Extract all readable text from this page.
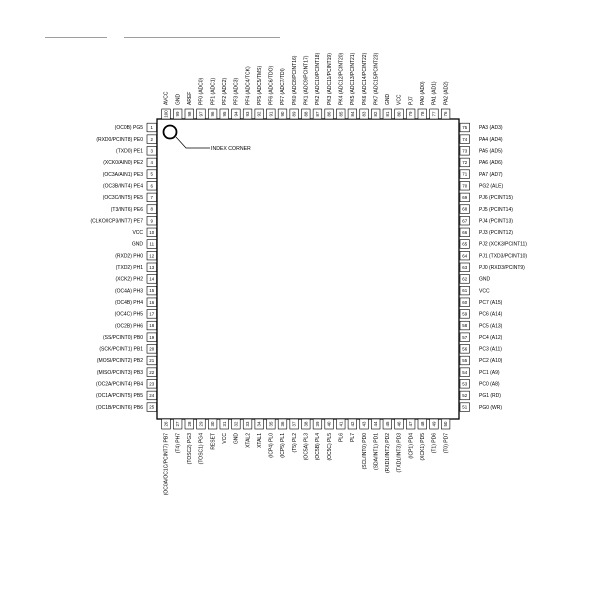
INDEX CORNER
1
(OC0B) PG5
2
(RXD0/PCINT8) PE0
3
(TXD0) PE1
4
(XCK0/AIN0) PE2
5
(OC3A/AIN1) PE3
6
(OC3B/INT4) PE4
7
(OC3C/INT5) PE5
8
(T3/INT6) PE6
9
(CLKO/ICP3/INT7) PE7
10
VCC
11
GND
12
(RXD2) PH0
13
(TXD2) PH1
14
(XCK2) PH2
15
(OC4A) PH3
16
(OC4B) PH4
17
(OC4C) PH5
18
(OC2B) PH6
19
(SS/PCINT0) PB0
20
(SCK/PCINT1) PB1
21
(MOSI/PCINT2) PB2
22
(MISO/PCINT3) PB3
23
(OC2A/PCINT4) PB4
24
(OC1A/PCINT5) PB5
25
(OC1B/PCINT6) PB6
75 PA3 (AD3)
74 PA4 (AD4)
73 PA5 (AD5)
72 PA6 (AD6)
71 PA7 (AD7)
70 PG2 (ALE)
69 PJ6 (PCINT15)
68 PJ5 (PCINT14)
67 PJ4 (PCINT13)
66 PJ3 (PCINT12)
65 PJ2 (XCK3/PCINT11)
64 PJ1 (TXD3/PCINT10)
63 PJ0 (RXD3/PCINT9)
62 GND
61 VCC
60 PC7 (A15)
59 PC6 (A14)
58 PC5 (A13)
57 PC4 (A12)
56 PC3 (A11)
55 PC2 (A10)
54 PC1 (A9)
53 PC0 (A8)
52 PG1 (RD)
51 PG0 (WR)
100
AVCC
99
GND
98
AREF
97
PF0 (ADC0)
96
PF1 (ADC1)
95
PF2 (ADC2)
94
PF3 (ADC3)
93
PF4 (ADC4/TCK)
92
PF5 (ADC5/TMS)
91
PF6 (ADC6/TDO)
90
PF7 (ADC7/TDI)
89
PK0 (ADC8/PCINT16)
88
PK1 (ADC9/PCINT17)
87
PK2 (ADC10/PCINT18)
86
PK3 (ADC11/PCINT19)
85
PK4 (ADC12/PCINT20)
84
PK5 (ADC13/PCINT21)
83
PK6 (ADC14/PCINT22)
82
PK7 (ADC15/PCINT23)
81
GND
80
VCC
79
PJ7
78
PA0 (AD0)
77
PA1 (AD1)
76
PA2 (AD2)
26
(OC0A/OC1C/PCINT7) PB7
27
(T4) PH7
28
(TOSC2) PG3
29
(TOSC1) PG4
30
RESET
31
VCC
32
GND
33
XTAL2
34
XTAL1
35
(ICP4) PL0
36
(ICP5) PL1
37
(T5) PL2
38
(OC5A) PL3
39
(OC5B) PL4
40
(OC5C) PL5
41
PL6
42
PL7
43
(SCL/INT0) PD0
44
(SDA/INT1) PD1
45
(RXD1/INT2) PD2
46
(TXD1/INT3) PD3
47
(ICP1) PD4
48
(XCK1) PD5
49
(T1) PD6
50
(T0) PD7
